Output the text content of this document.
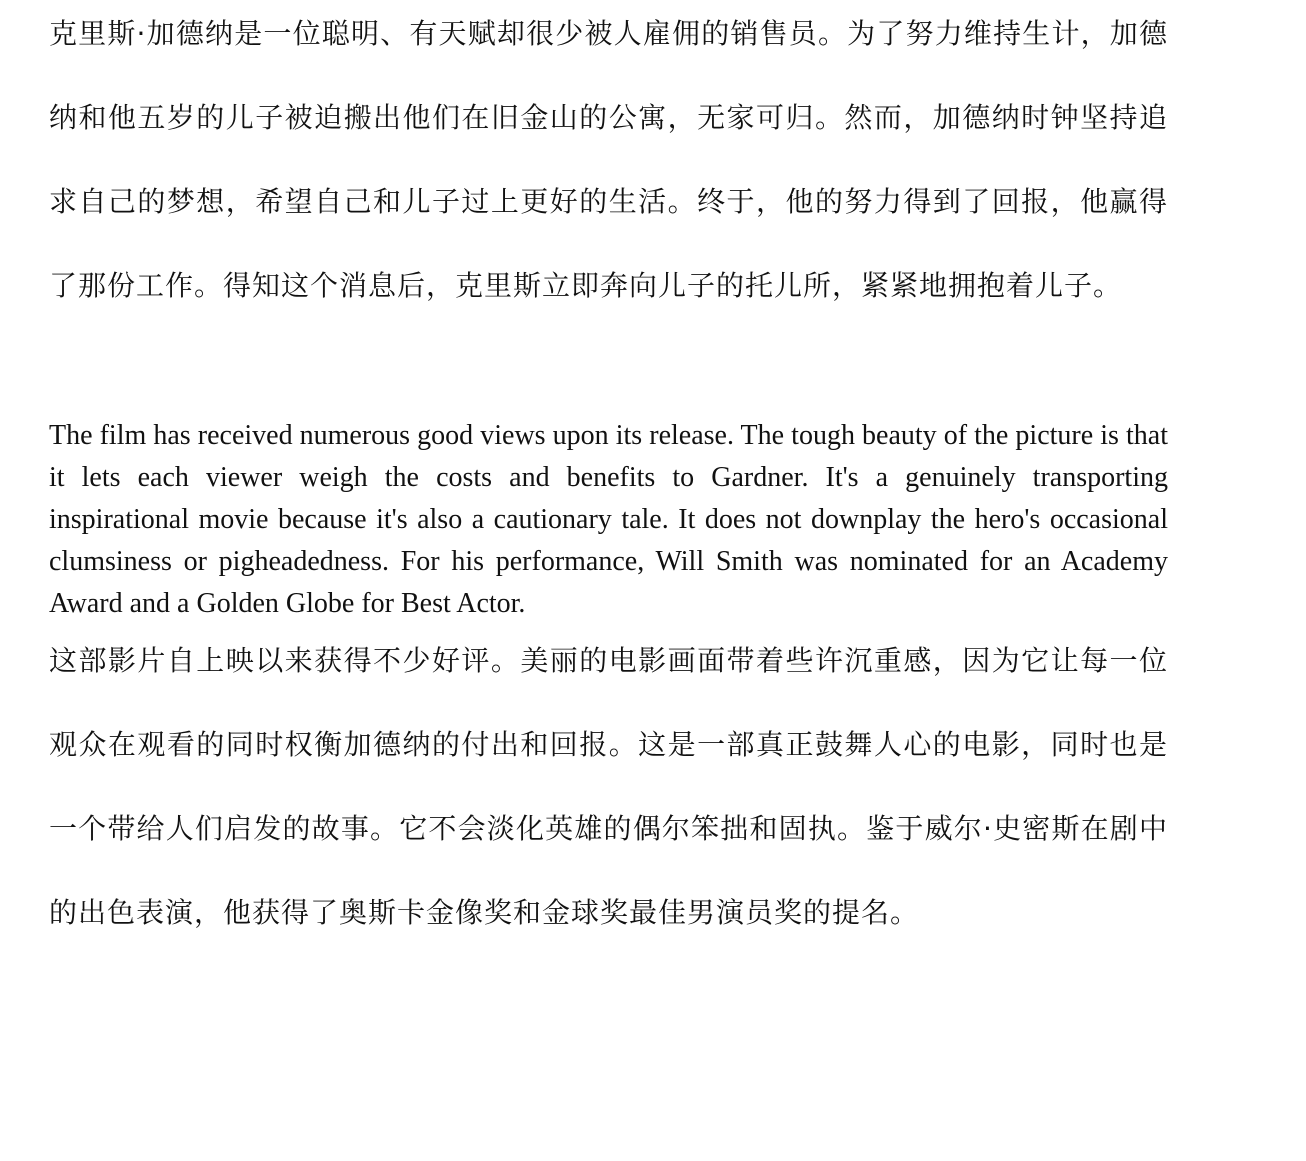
克里斯·加德纳是一位聪明、有天赋却很少被人雇佣的销售员。为了努力维持生计，加德纳和他五岁的儿子被迫搬出他们在旧金山的公寓，无家可归。然而，加德纳时钟坚持追求自己的梦想，希望自己和儿子过上更好的生活。终于，他的努力得到了回报，他赢得了那份工作。得知这个消息后，克里斯立即奔向儿子的托儿所，紧紧地拥抱着儿子。

The film has received numerous good views upon its release. The tough beauty of the picture is that it lets each viewer weigh the costs and benefits to Gardner. It's a genuinely transporting inspirational movie because it's also a cautionary tale. It does not downplay the hero's occasional clumsiness or pigheadedness. For his performance, Will Smith was nominated for an Academy Award and a Golden Globe for Best Actor.

这部影片自上映以来获得不少好评。美丽的电影画面带着些许沉重感，因为它让每一位观众在观看的同时权衡加德纳的付出和回报。这是一部真正鼓舞人心的电影，同时也是一个带给人们启发的故事。它不会淡化英雄的偶尔笨拙和固执。鉴于威尔·史密斯在剧中的出色表演，他获得了奥斯卡金像奖和金球奖最佳男演员奖的提名。
